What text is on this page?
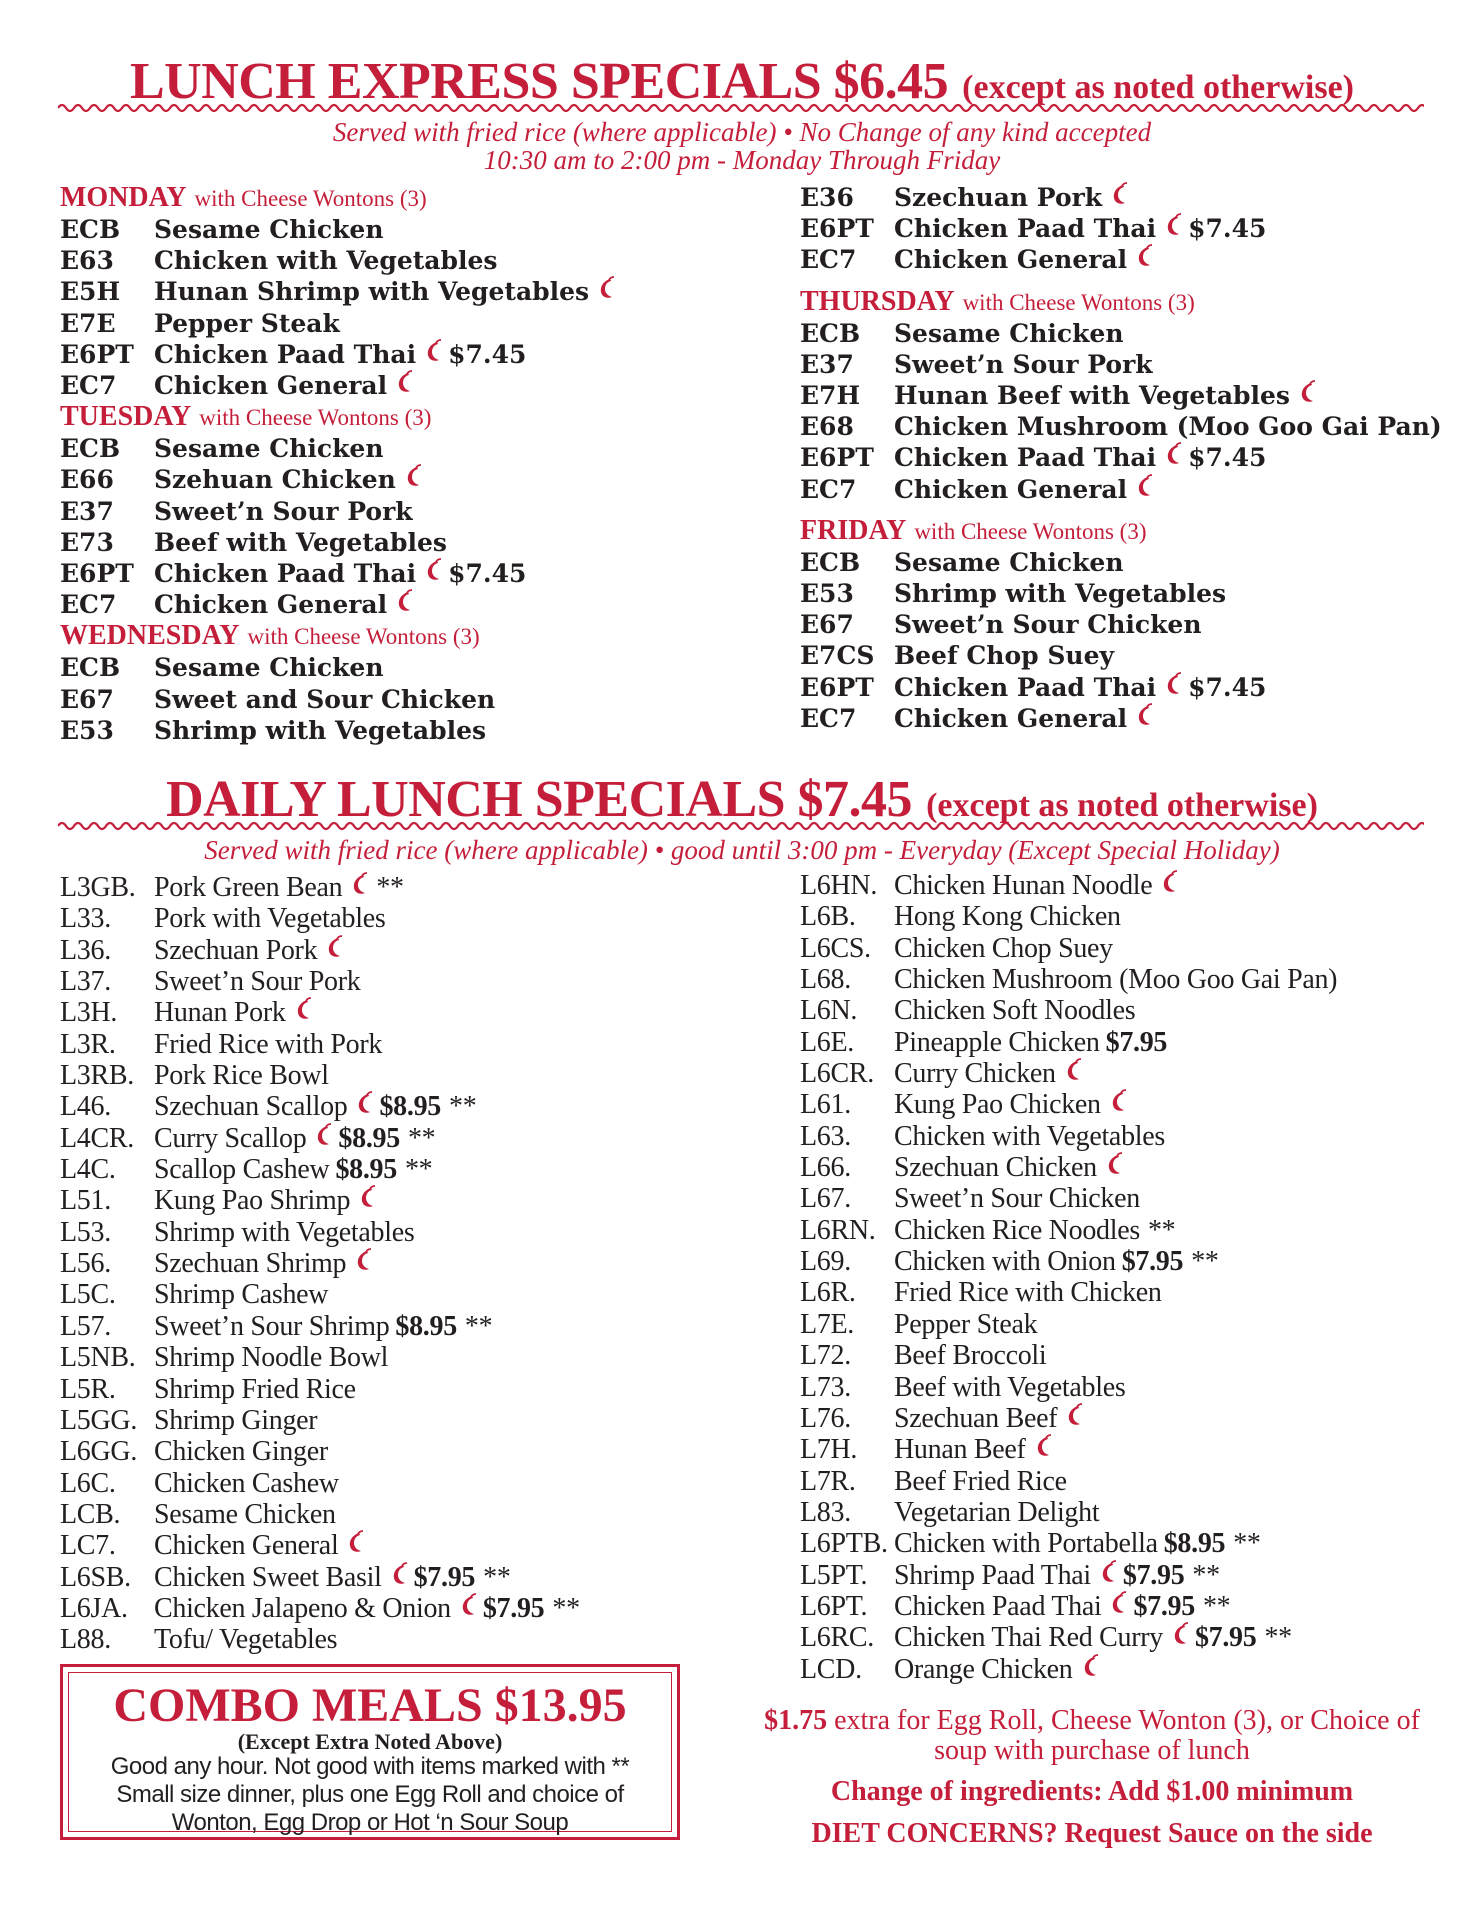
LUNCH EXPRESS SPECIALS $6.45 (except as noted otherwise)
Served with fried rice (where applicable) • No Change of any kind accepted
10:30 am to 2:00 pm - Monday Through Friday
MONDAY with Cheese Wontons (3)
ECB	Sesame Chicken
E63	Chicken with Vegetables
E5H	Hunan Shrimp with Vegetables
E7E	Pepper Steak
E6PT Chicken Paad Thai $7.45
EC7	Chicken General
TUESDAY with Cheese Wontons (3)
ECB	Sesame Chicken
E66	Szehuan Chicken
E37	Sweet’n Sour Pork
E73	Beef with Vegetables
E6PT Chicken Paad Thai $7.45
EC7	Chicken General
WEDNESDAY with Cheese Wontons (3)
ECB	Sesame Chicken
E67	Sweet and Sour Chicken
E53	Shrimp with Vegetables
E36	Szechuan Pork
E6PT Chicken Paad Thai $7.45
EC7	Chicken General
THURSDAY with Cheese Wontons (3)
ECB	Sesame Chicken
E37	Sweet’n Sour Pork
E7H	Hunan Beef with Vegetables
E68	Chicken Mushroom (Moo Goo Gai Pan)
E6PT Chicken Paad Thai $7.45
EC7	Chicken General
FRIDAY with Cheese Wontons (3)
ECB	Sesame Chicken
E53	Shrimp with Vegetables
E67	Sweet’n Sour Chicken
E7CS Beef Chop Suey
E6PT Chicken Paad Thai $7.45
EC7	Chicken General
DAILY LUNCH SPECIALS $7.45 (except as noted otherwise)
Served with fried rice (where applicable) • good until 3:00 pm - Everyday (Except Special Holiday)
L3GB. Pork Green Bean **
L33.	Pork with Vegetables
L36.	Szechuan Pork
L37.	Sweet’n Sour Pork
L3H.	Hunan Pork
L3R.	Fried Rice with Pork
L3RB. Pork Rice Bowl
L46.	Szechuan Scallop $8.95 **
L4CR. Curry Scallop $8.95 **
L4C.	Scallop Cashew $8.95 **
L51.	Kung Pao Shrimp
L53.	Shrimp with Vegetables
L56.	Szechuan Shrimp
L5C.	Shrimp Cashew
L57.	Sweet’n Sour Shrimp $8.95 **
L5NB. Shrimp Noodle Bowl
L5R.	Shrimp Fried Rice
L5GG. Shrimp Ginger
L6GG. Chicken Ginger
L6C.	Chicken Cashew
LCB.	Sesame Chicken
LC7.	Chicken General
L6SB. Chicken Sweet Basil $7.95 **
L6JA. Chicken Jalapeno & Onion $7.95 **
L88.	Tofu/ Vegetables
L6HN. Chicken Hunan Noodle
L6B.	Hong Kong Chicken
L6CS. Chicken Chop Suey
L68.	Chicken Mushroom (Moo Goo Gai Pan)
L6N.	Chicken Soft Noodles
L6E.	Pineapple Chicken $7.95
L6CR. Curry Chicken
L61.	Kung Pao Chicken
L63.	Chicken with Vegetables
L66.	Szechuan Chicken
L67.	Sweet’n Sour Chicken
L6RN. Chicken Rice Noodles **
L69.	Chicken with Onion $7.95 **
L6R.	Fried Rice with Chicken
L7E.	Pepper Steak
L72.	Beef Broccoli
L73.	Beef with Vegetables
L76.	Szechuan Beef
L7H.	Hunan Beef
L7R.	Beef Fried Rice
L83.	Vegetarian Delight
L6PTB. Chicken with Portabella $8.95 **
L5PT. Shrimp Paad Thai $7.95 **
L6PT. Chicken Paad Thai $7.95 **
L6RC. Chicken Thai Red Curry $7.95 **
LCD.	Orange Chicken
COMBO MEALS $13.95
(Except Extra Noted Above)
Good any hour. Not good with items marked with **
Small size dinner, plus one Egg Roll and choice of
Wonton, Egg Drop or Hot ‘n Sour Soup
$1.75 extra for Egg Roll, Cheese Wonton (3), or Choice of
soup with purchase of lunch
Change of ingredients: Add $1.00 minimum
DIET CONCERNS? Request Sauce on the side
